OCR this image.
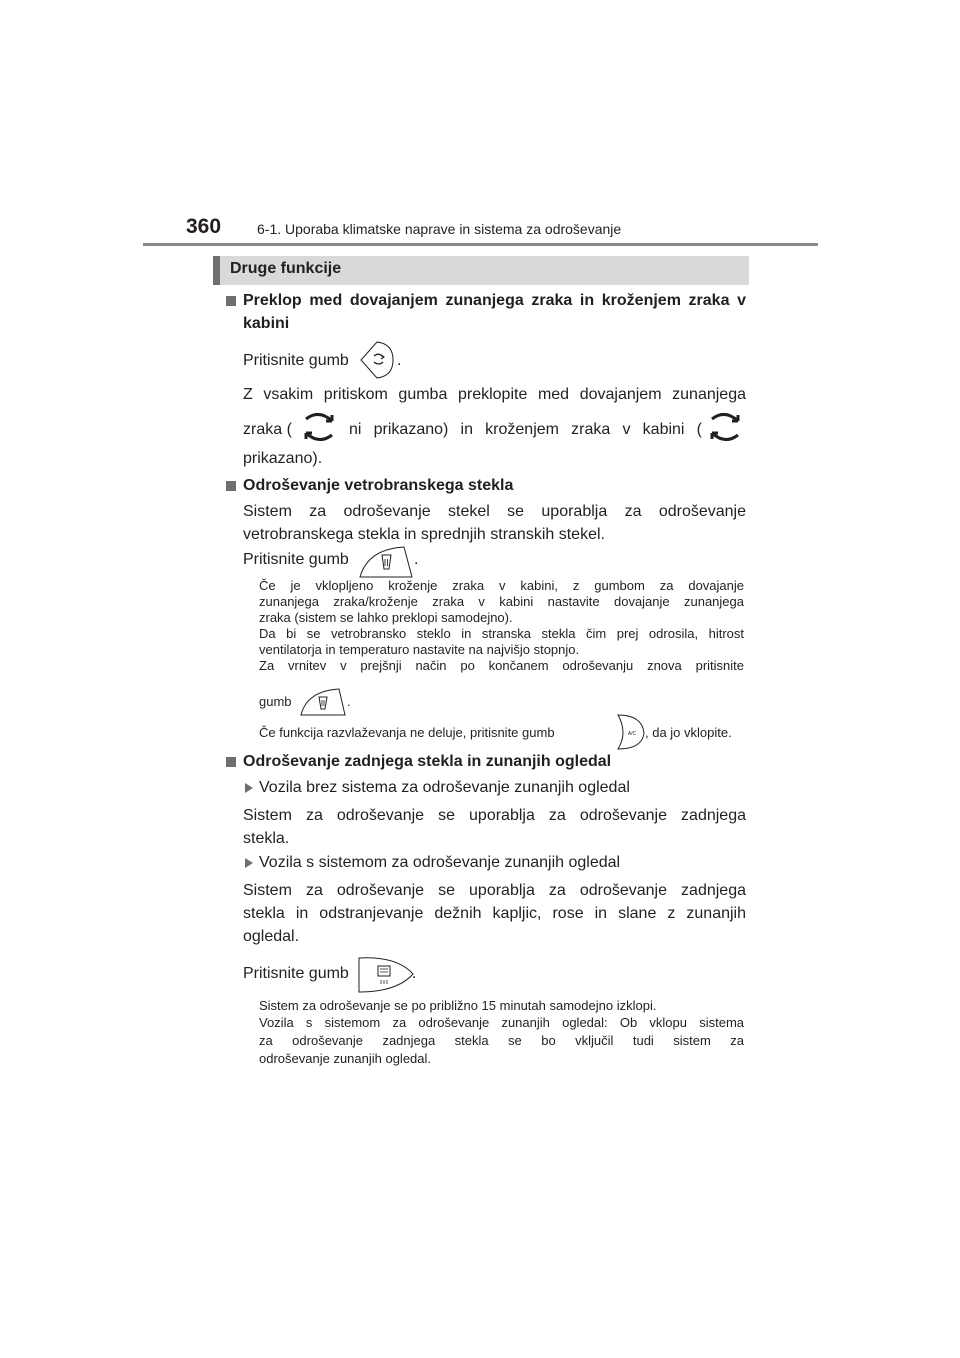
360	6-1. Uporaba klimatske naprave in sistema za odroševanje
Druge funkcije
Preklop med dovajanjem zunanjega zraka in kroženjem zraka v
kabini
Pritisnite gumb	.
Z vsakim pritiskom gumba preklopite med dovajanjem zunanjega
zraka (	ni prikazano) in kroženjem zraka v kabini (
prikazano).
Odroševanje vetrobranskega stekla
Sistem za odroševanje stekel se uporablja za odroševanje
vetrobranskega stekla in sprednjih stranskih stekel.
Pritisnite gumb	.
Če je vklopljeno kroženje zraka v kabini, z gumbom za dovajanje
zunanjega zraka/kroženje zraka v kabini nastavite dovajanje zunanjega
zraka (sistem se lahko preklopi samodejno).
Da bi se vetrobransko steklo in stranska stekla čim prej odrosila, hitrost
ventilatorja in temperaturo nastavite na najvišjo stopnjo.
Za vrnitev v prejšnji način po končanem odroševanju znova pritisnite
gumb	.
Če funkcija razvlaževanja ne deluje, pritisnite gumb	A/C , da jo vklopite.
Odroševanje zadnjega stekla in zunanjih ogledal
Vozila brez sistema za odroševanje zunanjih ogledal
Sistem za odroševanje se uporablja za odroševanje zadnjega
stekla.
Vozila s sistemom za odroševanje zunanjih ogledal
Sistem za odroševanje se uporablja za odroševanje zadnjega
stekla in odstranjevanje dežnih kapljic, rose in slane z zunanjih
ogledal.
Pritisnite gumb	.
Sistem za odroševanje se po približno 15 minutah samodejno izklopi.
Vozila s sistemom za odroševanje zunanjih ogledal: Ob vklopu sistema
za odroševanje zadnjega stekla se bo vključil tudi sistem za
odroševanje zunanjih ogledal.
